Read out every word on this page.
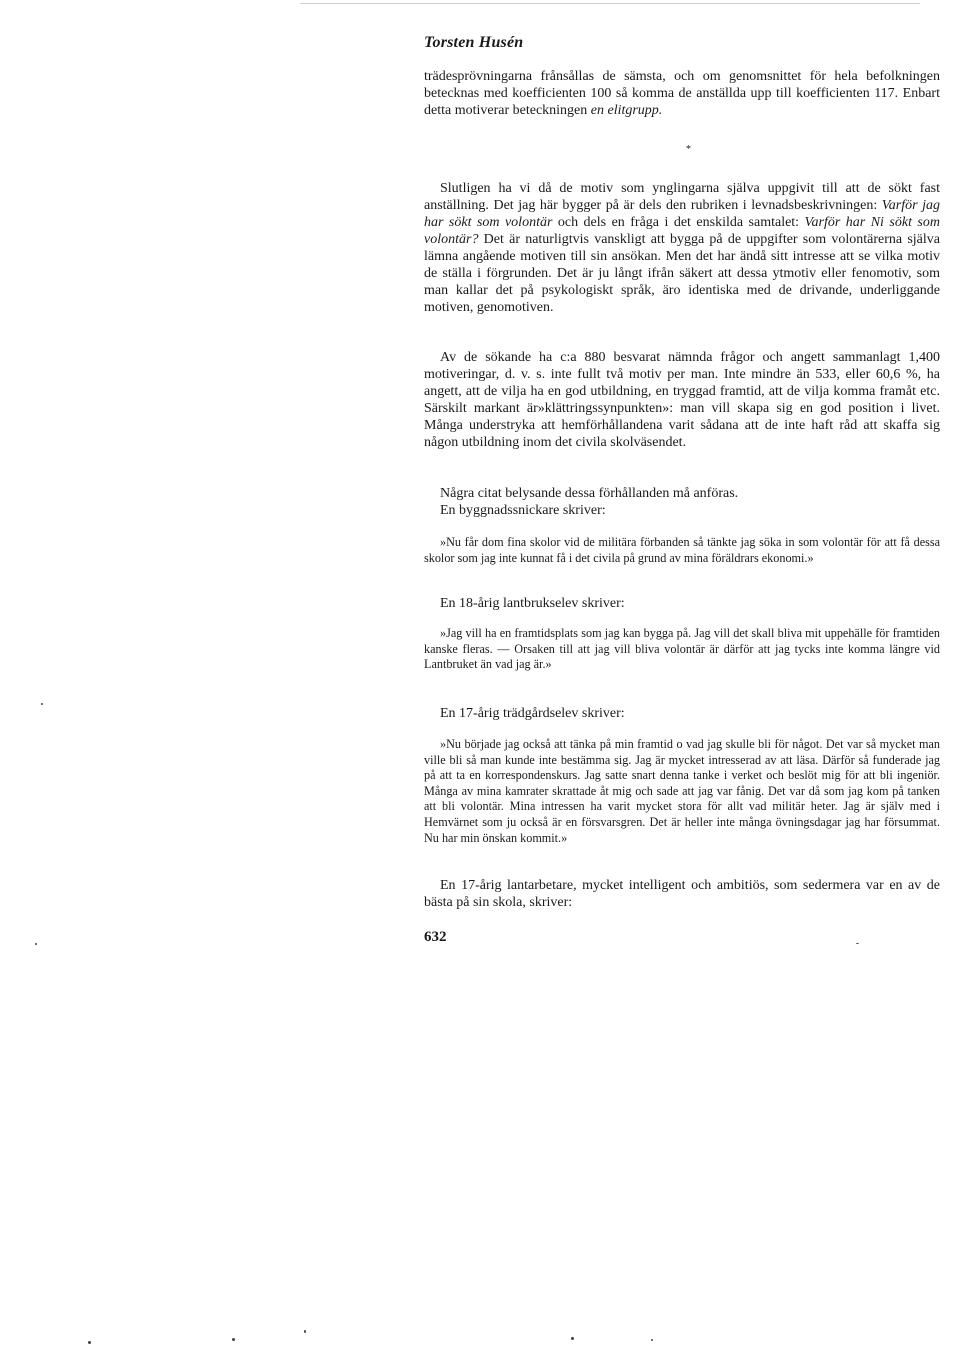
Torsten Husén

trädesprövningarna frånsållas de sämsta, och om genomsnittet för hela befolkningen betecknas med koefficienten 100 så komma de anställda upp till koefficienten 117. Enbart detta motiverar beteckningen en elitgrupp.

*

Slutligen ha vi då de motiv som ynglingarna själva uppgivit till att de sökt fast anställning. Det jag här bygger på är dels den rubriken i levnadsbeskrivningen: Varför jag har sökt som volontär och dels en fråga i det enskilda samtalet: Varför har Ni sökt som volontär? Det är naturligtvis vanskligt att bygga på de uppgifter som volontärerna själva lämna angående motiven till sin ansökan. Men det har ändå sitt intresse att se vilka motiv de ställa i förgrunden. Det är ju långt ifrån säkert att dessa ytmotiv eller fenomotiv, som man kallar det på psykologiskt språk, äro identiska med de drivande, underliggande motiven, genomotiven.

Av de sökande ha c:a 880 besvarat nämnda frågor och angett sammanlagt 1,400 motiveringar, d. v. s. inte fullt två motiv per man. Inte mindre än 533, eller 60,6 %, ha angett, att de vilja ha en god utbildning, en tryggad framtid, att de vilja komma framåt etc. Särskilt markant är»klättringssynpunkten»: man vill skapa sig en god position i livet. Många understryka att hemförhållandena varit sådana att de inte haft råd att skaffa sig någon utbildning inom det civila skolväsendet.

Några citat belysande dessa förhållanden må anföras.

En byggnadssnickare skriver:

»Nu får dom fina skolor vid de militära förbanden så tänkte jag söka in som volontär för att få dessa skolor som jag inte kunnat få i det civila på grund av mina föräldrars ekonomi.»

En 18-årig lantbrukselev skriver:

»Jag vill ha en framtidsplats som jag kan bygga på. Jag vill det skall bliva mit uppehälle för framtiden kanske fleras. — Orsaken till att jag vill bliva volontär är därför att jag tycks inte komma längre vid Lantbruket än vad jag är.»

En 17-årig trädgårdselev skriver:

»Nu började jag också att tänka på min framtid o vad jag skulle bli för något. Det var så mycket man ville bli så man kunde inte bestämma sig. Jag är mycket intresserad av att läsa. Därför så funderade jag på att ta en korrespondenskurs. Jag satte snart denna tanke i verket och beslöt mig för att bli ingeniör. Många av mina kamrater skrattade åt mig och sade att jag var fånig. Det var då som jag kom på tanken att bli volontär. Mina intressen ha varit mycket stora för allt vad militär heter. Jag är själv med i Hemvärnet som ju också är en försvarsgren. Det är heller inte många övningsdagar jag har försummat. Nu har min önskan kommit.»

En 17-årig lantarbetare, mycket intelligent och ambitiös, som sedermera var en av de bästa på sin skola, skriver:

632
